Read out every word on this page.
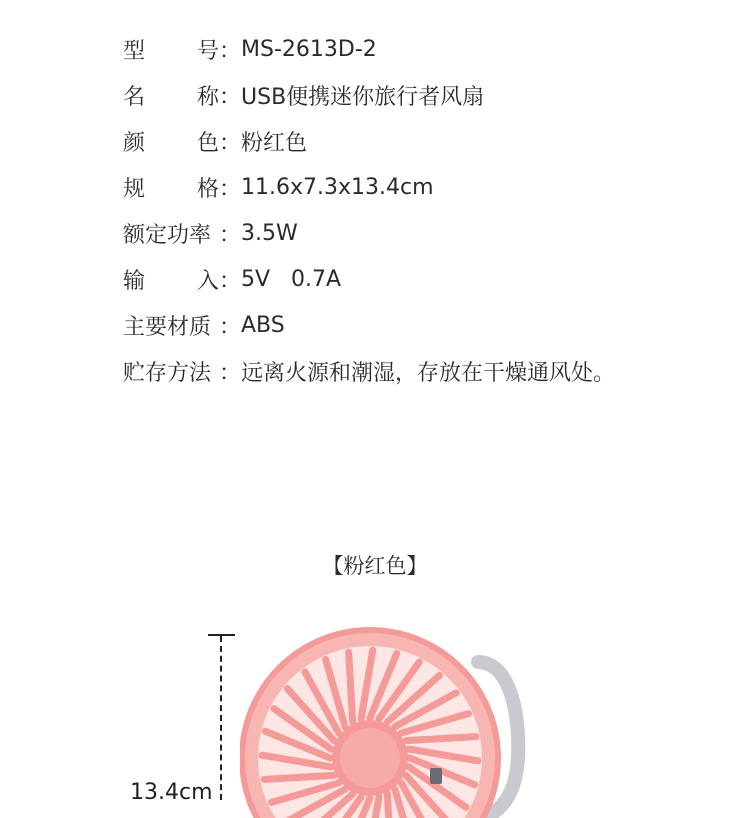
型 号 ： MS-2613D-2
名 称 ： USB便携迷你旅行者风扇
颜 色 ： 粉红色
规 格 ： 11.6x7.3x13.4cm
额定功率 ： 3.5W
输 入 ： 5V   0.7A
主要材质 ： ABS
贮存方法 ： 远离火源和潮湿，存放在干燥通风处。
【粉红色】
13.4cm
